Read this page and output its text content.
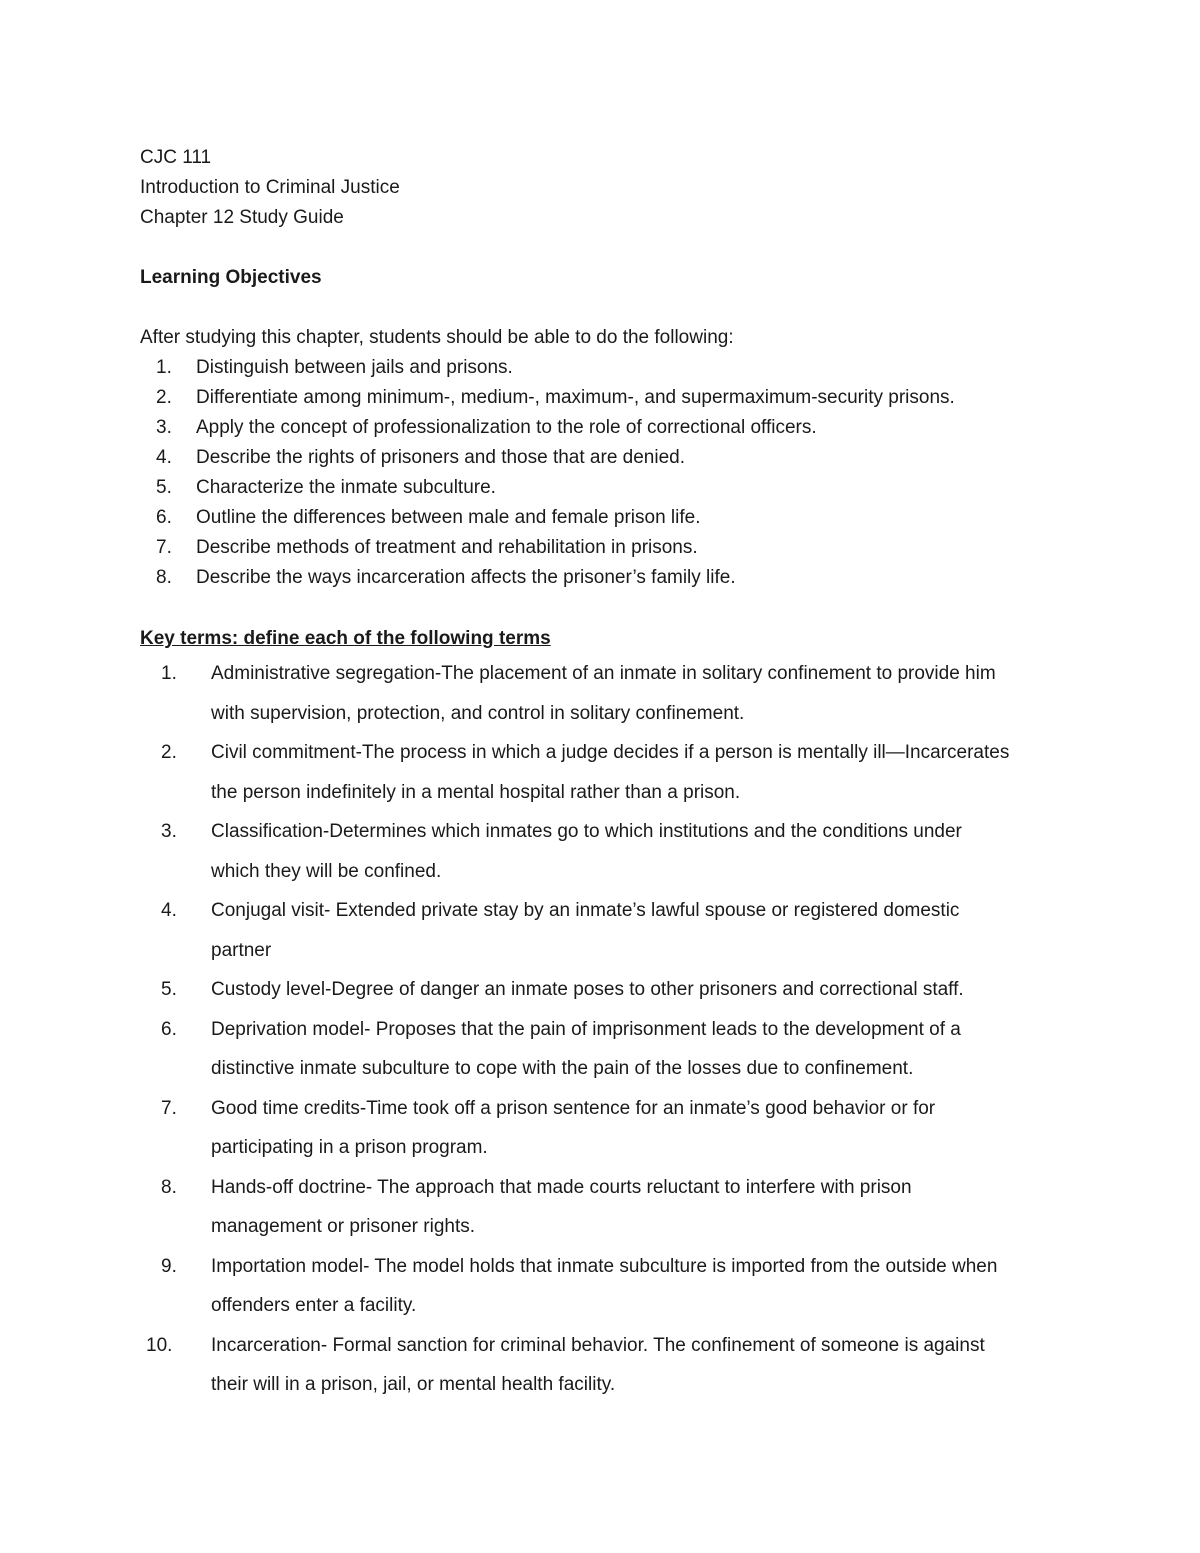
CJC 111
Introduction to Criminal Justice
Chapter 12 Study Guide
Learning Objectives
After studying this chapter, students should be able to do the following:
1. Distinguish between jails and prisons.
2. Differentiate among minimum-, medium-, maximum-, and supermaximum-security prisons.
3. Apply the concept of professionalization to the role of correctional officers.
4. Describe the rights of prisoners and those that are denied.
5. Characterize the inmate subculture.
6. Outline the differences between male and female prison life.
7. Describe methods of treatment and rehabilitation in prisons.
8. Describe the ways incarceration affects the prisoner’s family life.
Key terms: define each of the following terms
1. Administrative segregation-The placement of an inmate in solitary confinement to provide him
with supervision, protection, and control in solitary confinement.
2. Civil commitment-The process in which a judge decides if a person is mentally ill—Incarcerates
the person indefinitely in a mental hospital rather than a prison.
3. Classification-Determines which inmates go to which institutions and the conditions under
which they will be confined.
4. Conjugal visit- Extended private stay by an inmate’s lawful spouse or registered domestic
partner
5. Custody level-Degree of danger an inmate poses to other prisoners and correctional staff.
6. Deprivation model- Proposes that the pain of imprisonment leads to the development of a
distinctive inmate subculture to cope with the pain of the losses due to confinement.
7. Good time credits-Time took off a prison sentence for an inmate’s good behavior or for
participating in a prison program.
8. Hands-off doctrine- The approach that made courts reluctant to interfere with prison
management or prisoner rights.
9. Importation model- The model holds that inmate subculture is imported from the outside when
offenders enter a facility.
10. Incarceration- Formal sanction for criminal behavior. The confinement of someone is against
their will in a prison, jail, or mental health facility.
